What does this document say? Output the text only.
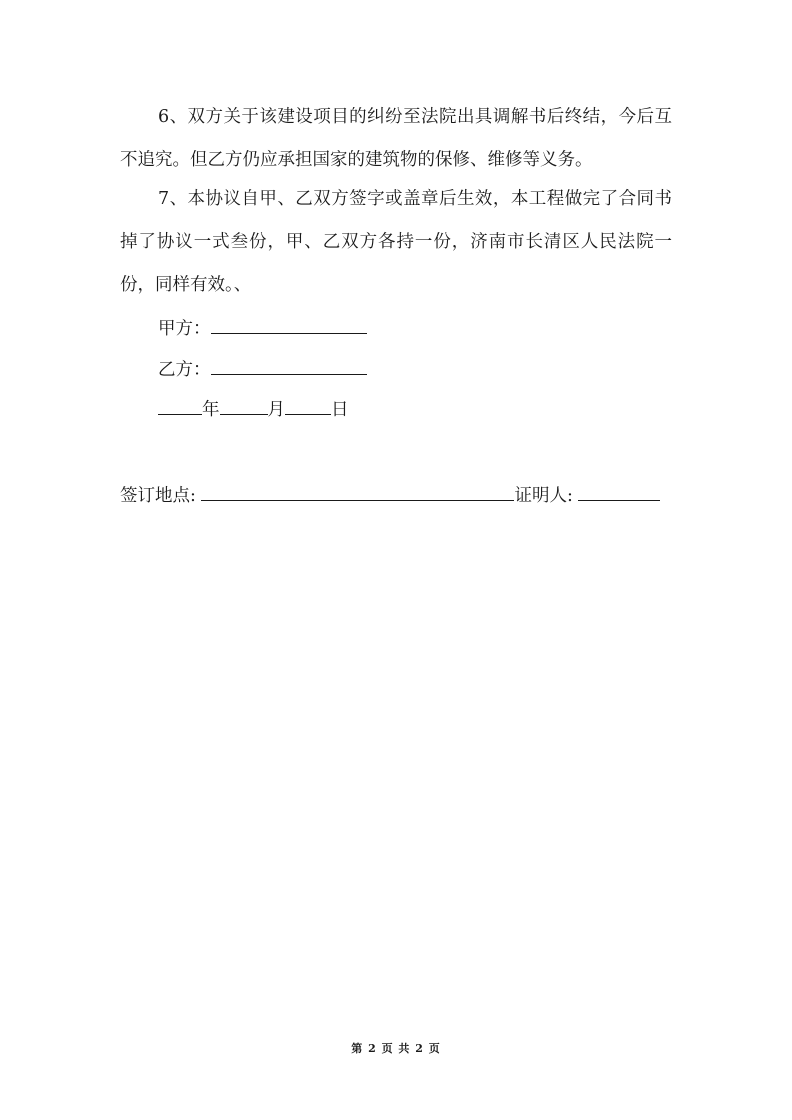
6、双方关于该建设项目的纠纷至法院出具调解书后终结，今后互不追究。但乙方仍应承担国家的建筑物的保修、维修等义务。

7、本协议自甲、乙双方签字或盖章后生效，本工程做完了合同书掉了协议一式叁份，甲、乙双方各持一份，济南市长清区人民法院一份，同样有效。、

甲方：
乙方：
年	月	日
签订地点:	证明人:
第 2 页 共 2 页
